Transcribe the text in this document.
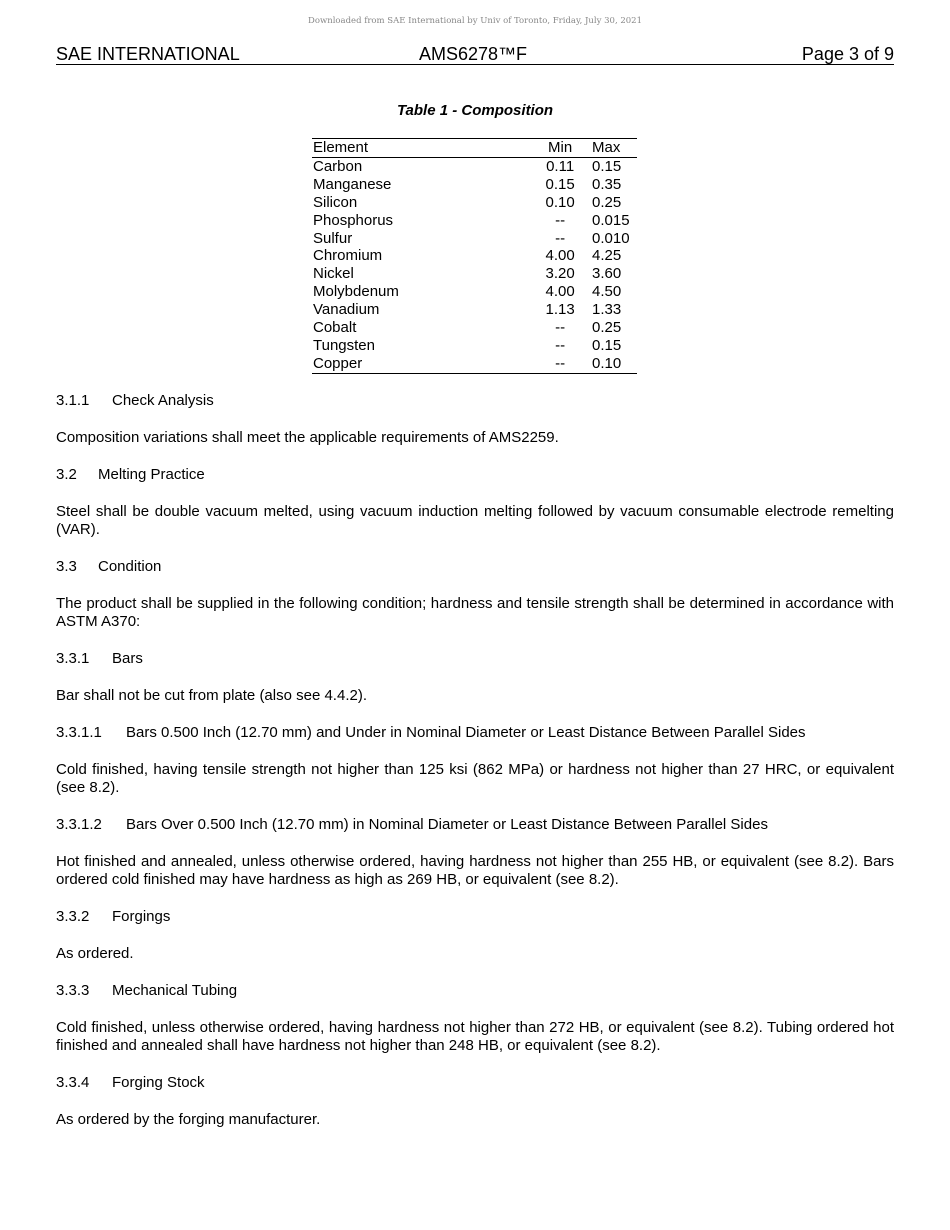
Downloaded from SAE International by Univ of Toronto, Friday, July 30, 2021
SAE INTERNATIONAL	AMS6278™F	Page 3 of 9
Table 1 - Composition
Element	Min	Max
Carbon	0.11	0.15
Manganese	0.15	0.35
Silicon	0.10	0.25
Phosphorus	--	0.015
Sulfur	--	0.010
Chromium	4.00	4.25
Nickel	3.20	3.60
Molybdenum	4.00	4.50
Vanadium	1.13	1.33
Cobalt	--	0.25
Tungsten	--	0.15
Copper	--	0.10
3.1.1 Check Analysis
Composition variations shall meet the applicable requirements of AMS2259.
3.2 Melting Practice
Steel shall be double vacuum melted, using vacuum induction melting followed by vacuum consumable electrode remelting (VAR).
3.3 Condition
The product shall be supplied in the following condition; hardness and tensile strength shall be determined in accordance with ASTM A370:
3.3.1 Bars
Bar shall not be cut from plate (also see 4.4.2).
3.3.1.1 Bars 0.500 Inch (12.70 mm) and Under in Nominal Diameter or Least Distance Between Parallel Sides
Cold finished, having tensile strength not higher than 125 ksi (862 MPa) or hardness not higher than 27 HRC, or equivalent (see 8.2).
3.3.1.2 Bars Over 0.500 Inch (12.70 mm) in Nominal Diameter or Least Distance Between Parallel Sides
Hot finished and annealed, unless otherwise ordered, having hardness not higher than 255 HB, or equivalent (see 8.2). Bars ordered cold finished may have hardness as high as 269 HB, or equivalent (see 8.2).
3.3.2 Forgings
As ordered.
3.3.3 Mechanical Tubing
Cold finished, unless otherwise ordered, having hardness not higher than 272 HB, or equivalent (see 8.2). Tubing ordered hot finished and annealed shall have hardness not higher than 248 HB, or equivalent (see 8.2).
3.3.4 Forging Stock
As ordered by the forging manufacturer.
